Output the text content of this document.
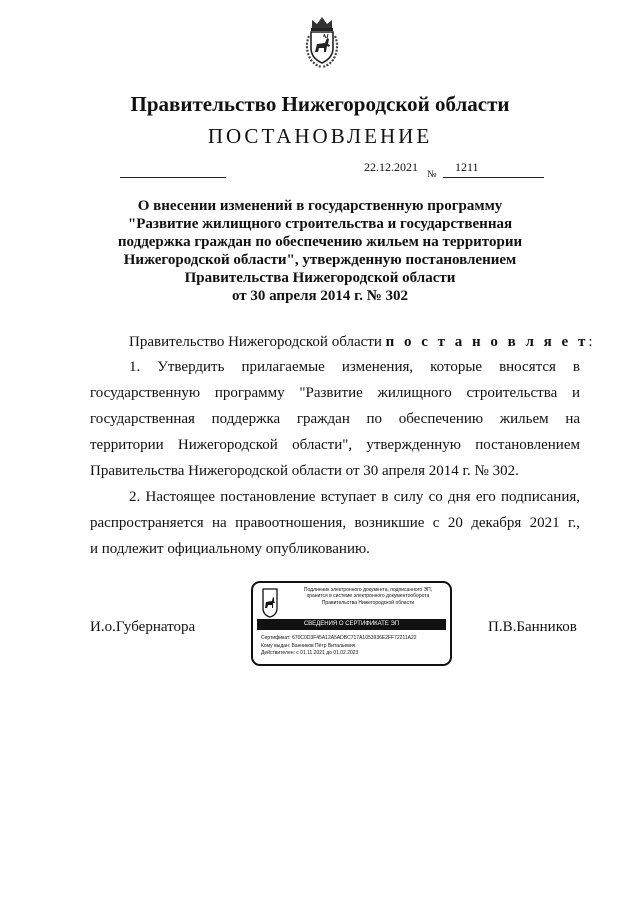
Правительство Нижегородской области
ПОСТАНОВЛЕНИЕ
22.12.2021
№
1211
О внесении изменений в государственную программу
"Развитие жилищного строительства и государственная
поддержка граждан по обеспечению жильем на территории
Нижегородской области", утвержденную постановлением
Правительства Нижегородской области
от 30 апреля 2014 г. № 302
Правительство Нижегородской области п о с т а н о в л я е т:
1. Утвердить прилагаемые изменения, которые вносятся в
государственную программу "Развитие жилищного строительства и
государственная поддержка граждан по обеспечению жильем на
территории Нижегородской области", утвержденную постановлением
Правительства Нижегородской области от 30 апреля 2014 г. № 302.
2. Настоящее постановление вступает в силу со дня его подписания,
распространяется на правоотношения, возникшие с 20 декабря 2021 г.,
и подлежит официальному опубликованию.
И.о.Губернатора	П.В.Банников
Подлинник электронного документа, подписанного ЭП,
хранится в системе электронного документооборота
Правительства Нижегородской области
СВЕДЕНИЯ О СЕРТИФИКАТЕ ЭП
Сертификат: 670C0D3F45A12A5ADBC717A1053936E2FF72211A22
Кому выдан: Банников Пётр Витальевич
Действителен: с 01.11.2021 до 01.02.2023
